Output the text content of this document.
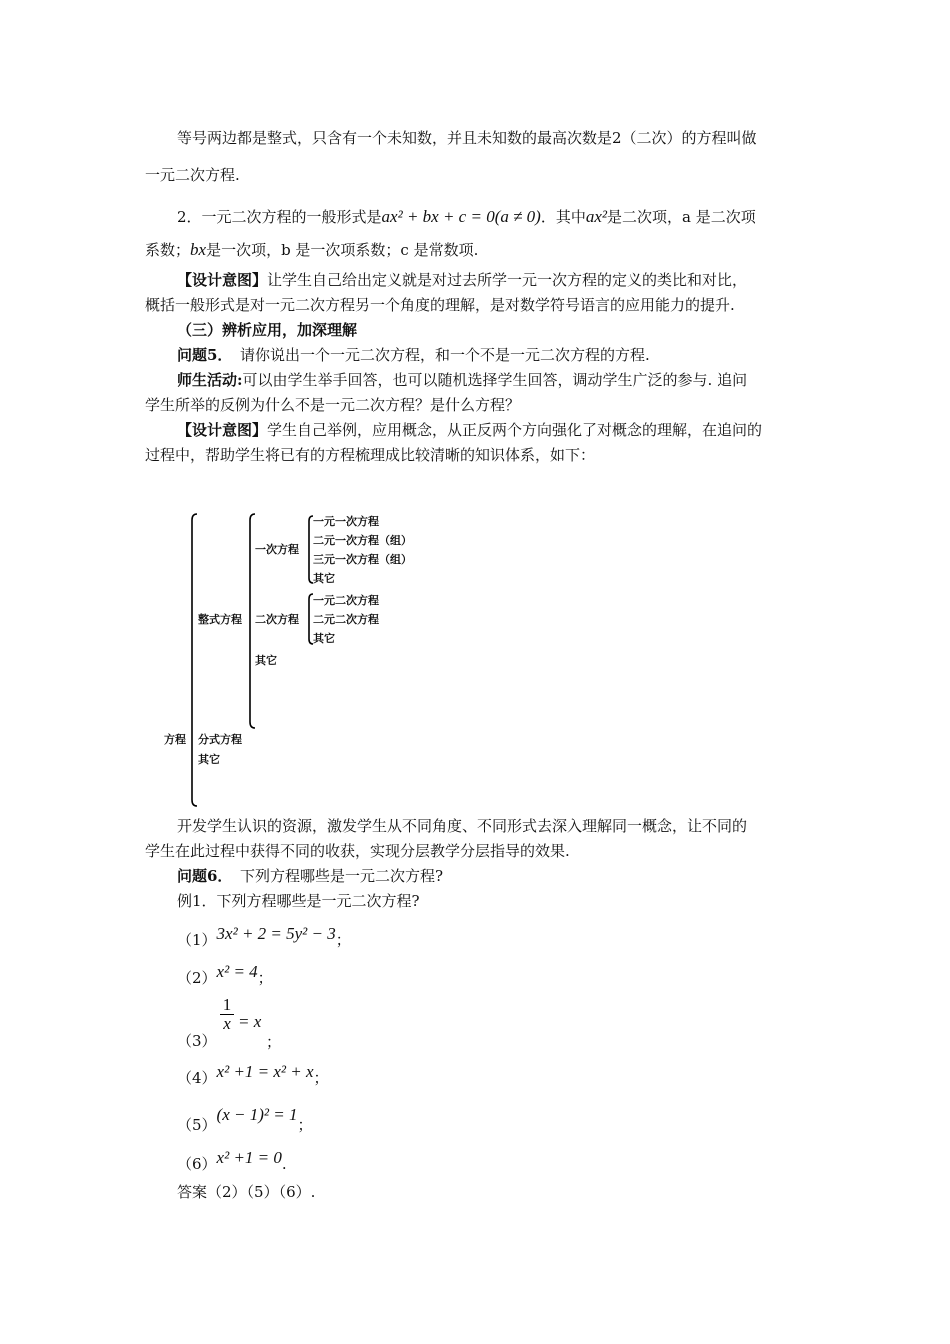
等号两边都是整式，只含有一个未知数，并且未知数的最高次数是2（二次）的方程叫做
一元二次方程.
2．一元二次方程的一般形式是ax² + bx + c = 0(a ≠ 0)．其中ax²是二次项，a 是二次项
系数；bx是一次项，b 是一次项系数；c 是常数项.
【设计意图】让学生自己给出定义就是对过去所学一元一次方程的定义的类比和对比，
概括一般形式是对一元二次方程另一个角度的理解，是对数学符号语言的应用能力的提升.
（三）辨析应用，加深理解
问题5．　请你说出一个一元二次方程，和一个不是一元二次方程的方程.
师生活动:可以由学生举手回答，也可以随机选择学生回答，调动学生广泛的参与. 追问
学生所举的反例为什么不是一元二次方程？是什么方程？
【设计意图】学生自己举例，应用概念，从正反两个方向强化了对概念的理解，在追问的
过程中，帮助学生将已有的方程梳理成比较清晰的知识体系，如下：
方程
整式方程
分式方程
其它
一次方程
二次方程
其它
一元一次方程
二元一次方程（组）
三元一次方程（组）
其它
一元二次方程
二元二次方程
其它
开发学生认识的资源，激发学生从不同角度、不同形式去深入理解同一概念，让不同的
学生在此过程中获得不同的收获，实现分层教学分层指导的效果.
问题6．　下列方程哪些是一元二次方程?
例1．下列方程哪些是一元二次方程?
（1）3x² + 2 = 5y² − 3；
（2）x² = 4；
（3）
1
x = x
；
（4）x² +1 = x² + x；
（5）(x − 1)² = 1；
（6）x² +1 = 0.
答案（2）（5）（6）.
